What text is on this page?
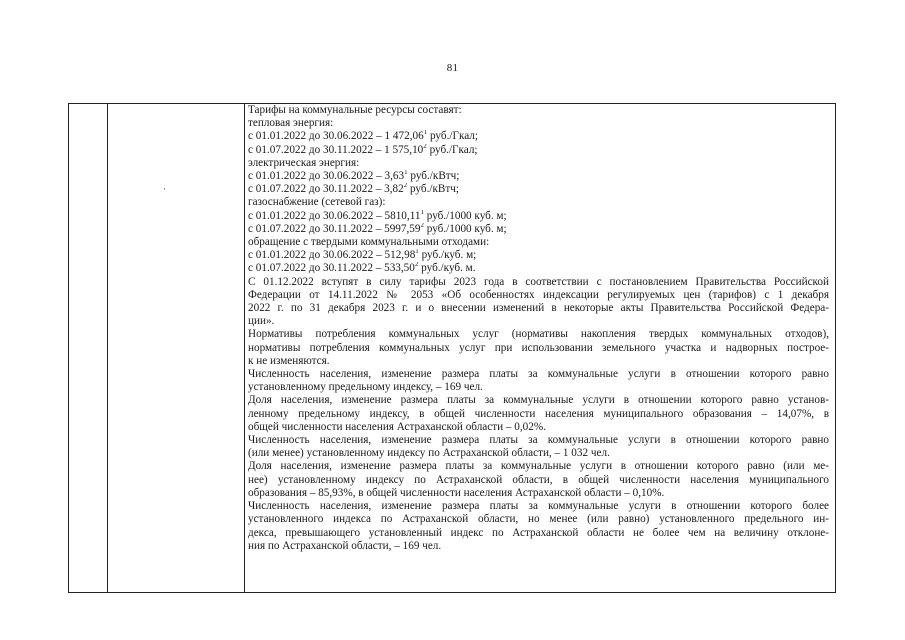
81
·
Тарифы на коммунальные ресурсы составят:
тепловая энергия:
с 01.01.2022 до 30.06.2022 – 1 472,06$^1$ руб./Гкал;
с 01.07.2022 до 30.11.2022 – 1 575,10$^2$ руб./Гкал;
электрическая энергия:
с 01.01.2022 до 30.06.2022 – 3,63$^1$ руб./кВтч;
с 01.07.2022 до 30.11.2022 – 3,82$^2$ руб./кВтч;
газоснабжение (сетевой газ):
с 01.01.2022 до 30.06.2022 – 5810,11$^1$ руб./1000 куб. м;
с 01.07.2022 до 30.11.2022 – 5997,59$^2$ руб./1000 куб. м;
обращение с твердыми коммунальными отходами:
с 01.01.2022 до 30.06.2022 – 512,98$^1$ руб./куб. м;
с 01.07.2022 до 30.11.2022 – 533,50$^2$ руб./куб. м.
С 01.12.2022 вступят в силу тарифы 2023 года в соответствии с постановлением Правительства Российской
Федерации от 14.11.2022 № 2053 «Об особенностях индексации регулируемых цен (тарифов) с 1 декабря
2022 г. по 31 декабря 2023 г. и о внесении изменений в некоторые акты Правительства Российской Федера-
ции».
Нормативы потребления коммунальных услуг (нормативы накопления твердых коммунальных отходов),
нормативы потребления коммунальных услуг при использовании земельного участка и надворных построе-
к не изменяются.
Численность населения, изменение размера платы за коммунальные услуги в отношении которого равно
установленному предельному индексу, – 169 чел.
Доля населения, изменение размера платы за коммунальные услуги в отношении которого равно установ-
ленному предельному индексу, в общей численности населения муниципального образования – 14,07%, в
общей численности населения Астраханской области – 0,02%.
Численность населения, изменение размера платы за коммунальные услуги в отношении которого равно
(или менее) установленному индексу по Астраханской области, – 1 032 чел.
Доля населения, изменение размера платы за коммунальные услуги в отношении которого равно (или ме-
нее) установленному индексу по Астраханской области, в общей численности населения муниципального
образования – 85,93%, в общей численности населения Астраханской области – 0,10%.
Численность населения, изменение размера платы за коммунальные услуги в отношении которого более
установленного индекса по Астраханской области, но менее (или равно) установленного предельного ин-
декса, превышающего установленный индекс по Астраханской области не более чем на величину отклоне-
ния по Астраханской области, – 169 чел.
